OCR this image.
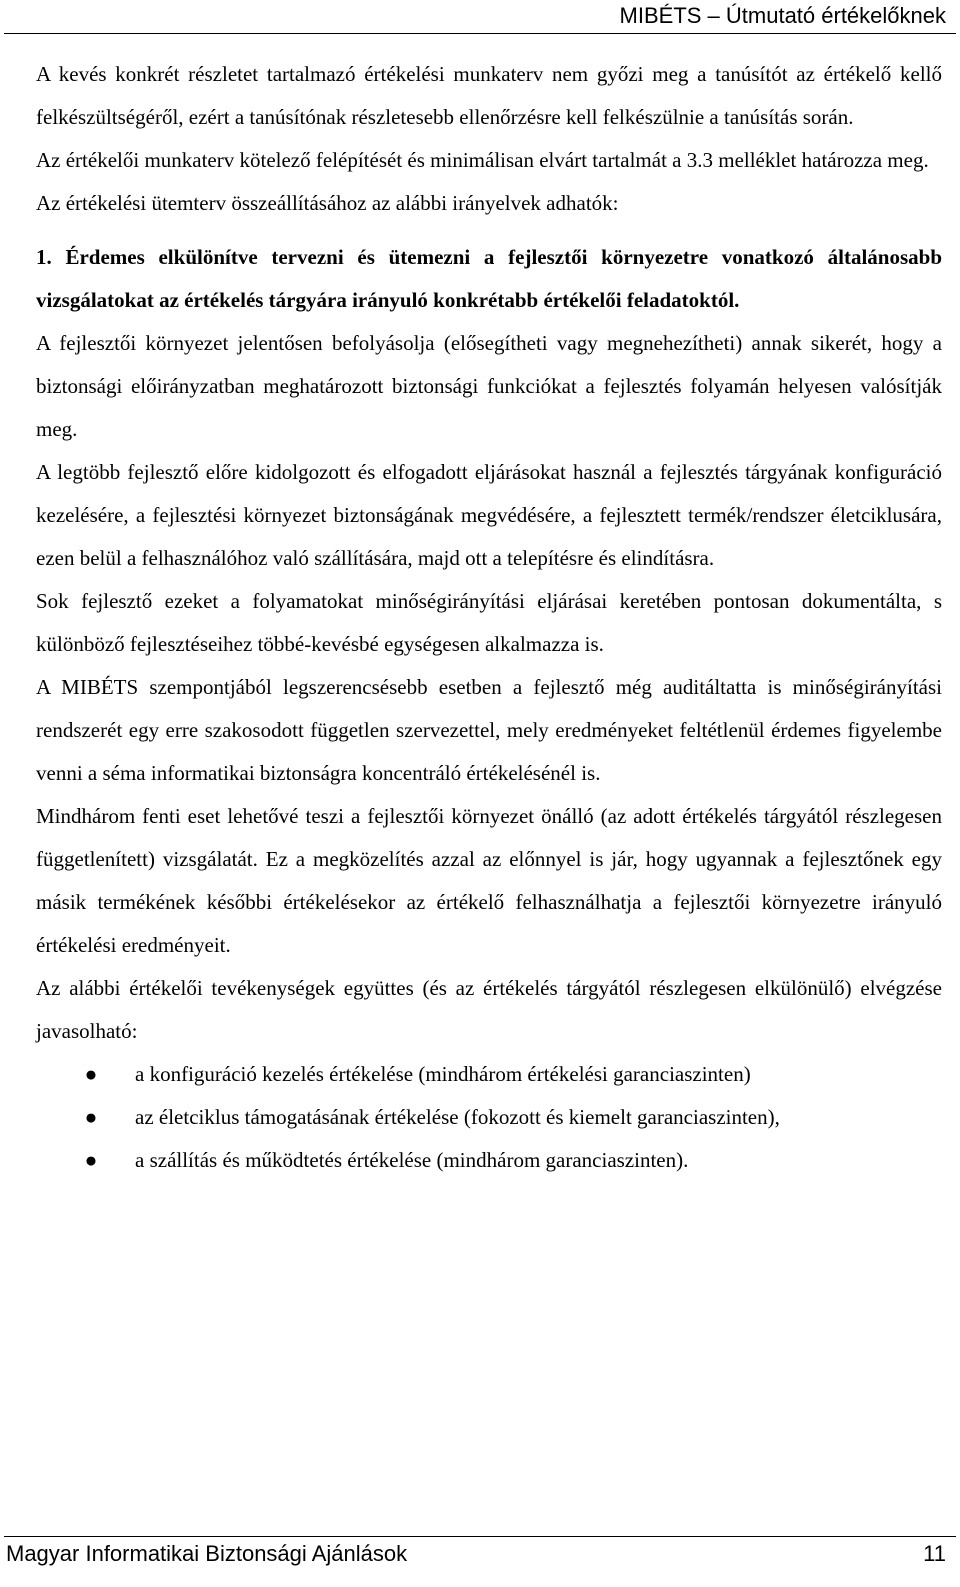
MIBÉTS – Útmutató értékelőknek

A kevés konkrét részletet tartalmazó értékelési munkaterv nem győzi meg a tanúsítót az értékelő kellő felkészültségéről, ezért a tanúsítónak részletesebb ellenőrzésre kell felkészülnie a tanúsítás során.

Az értékelői munkaterv kötelező felépítését és minimálisan elvárt tartalmát a 3.3 melléklet határozza meg.

Az értékelési ütemterv összeállításához az alábbi irányelvek adhatók:

1. Érdemes elkülönítve tervezni és ütemezni a fejlesztői környezetre vonatkozó általánosabb vizsgálatokat az értékelés tárgyára irányuló konkrétabb értékelői feladatoktól.

A fejlesztői környezet jelentősen befolyásolja (elősegítheti vagy megnehezítheti) annak sikerét, hogy a biztonsági előirányzatban meghatározott biztonsági funkciókat a fejlesztés folyamán helyesen valósítják meg.

A legtöbb fejlesztő előre kidolgozott és elfogadott eljárásokat használ a fejlesztés tárgyának konfiguráció kezelésére, a fejlesztési környezet biztonságának megvédésére, a fejlesztett termék/rendszer életciklusára, ezen belül a felhasználóhoz való szállítására, majd ott a telepítésre és elindításra.

Sok fejlesztő ezeket a folyamatokat minőségirányítási eljárásai keretében pontosan dokumentálta, s különböző fejlesztéseihez többé-kevésbé egységesen alkalmazza is.

A MIBÉTS szempontjából legszerencsésebb esetben a fejlesztő még auditáltatta is minőségirányítási rendszerét egy erre szakosodott független szervezettel, mely eredményeket feltétlenül érdemes figyelembe venni a séma informatikai biztonságra koncentráló értékelésénél is.

Mindhárom fenti eset lehetővé teszi a fejlesztői környezet önálló (az adott értékelés tárgyától részlegesen függetlenített) vizsgálatát. Ez a megközelítés azzal az előnnyel is jár, hogy ugyannak a fejlesztőnek egy másik termékének későbbi értékelésekor az értékelő felhasználhatja a fejlesztői környezetre irányuló értékelési eredményeit.

Az alábbi értékelői tevékenységek együttes (és az értékelés tárgyától részlegesen elkülönülő) elvégzése javasolható:

● a konfiguráció kezelés értékelése (mindhárom értékelési garanciaszinten)
● az életciklus támogatásának értékelése (fokozott és kiemelt garanciaszinten),
● a szállítás és működtetés értékelése (mindhárom garanciaszinten).
Magyar Informatikai Biztonsági Ajánlások	11
